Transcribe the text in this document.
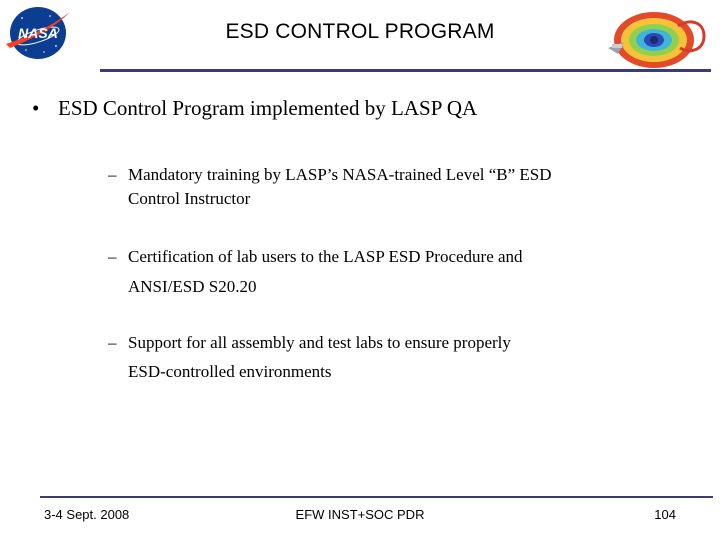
NASA	ESD CONTROL PROGRAM
• ESD Control Program implemented by LASP QA
– Mandatory training by LASP’s NASA-trained Level “B” ESD
Control Instructor
– Certification of lab users to the LASP ESD Procedure and
ANSI/ESD S20.20
– Support for all assembly and test labs to ensure properly
ESD-controlled environments
3-4 Sept. 2008	EFW INST+SOC PDR	104
